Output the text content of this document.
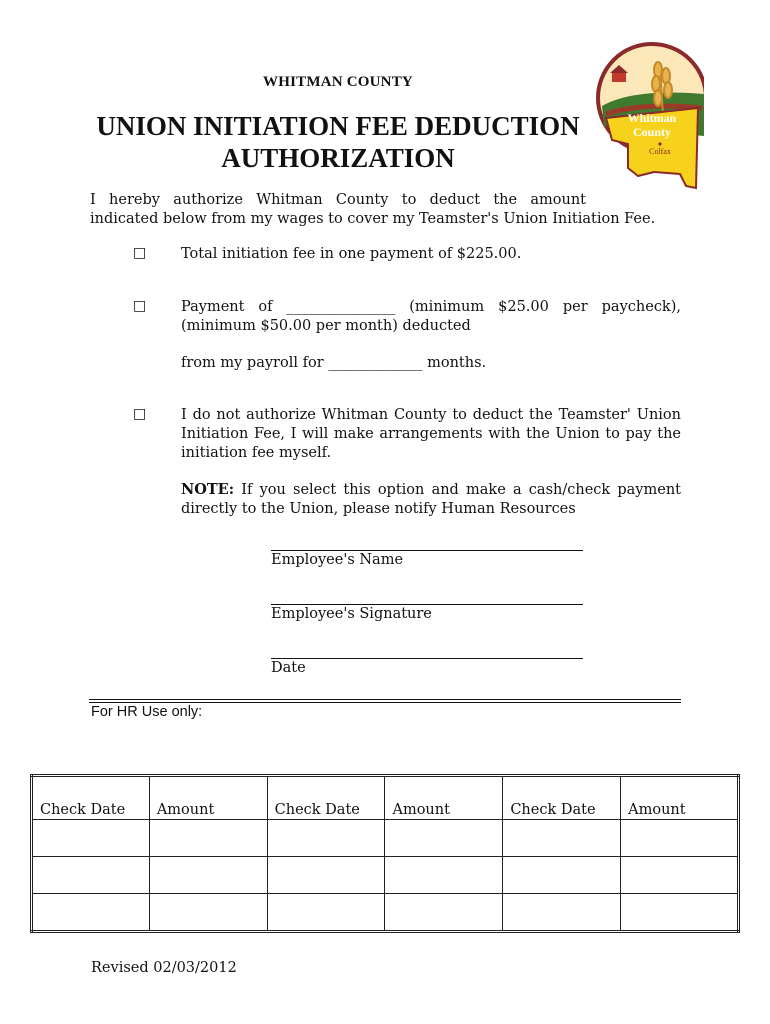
WHITMAN COUNTY
UNION INITIATION FEE DEDUCTION
AUTHORIZATION
Whitman
County
Colfax
I hereby authorize Whitman County to deduct the amount
indicated below from my wages to cover my Teamster's Union Initiation Fee.
□ Total initiation fee in one payment of $225.00.
□ Payment of _______________ (minimum $25.00 per paycheck),
(minimum $50.00 per month) deducted
from my payroll for _____________ months.
□ I do not authorize Whitman County to deduct the Teamster' Union
Initiation Fee, I will make arrangements with the Union to pay the
initiation fee myself.
NOTE: If you select this option and make a cash/check payment
directly to the Union, please notify Human Resources
Employee's Name
Employee's Signature
Date
For HR Use only:
Check Date	Amount	Check Date	Amount	Check Date	Amount

Revised 02/03/2012
